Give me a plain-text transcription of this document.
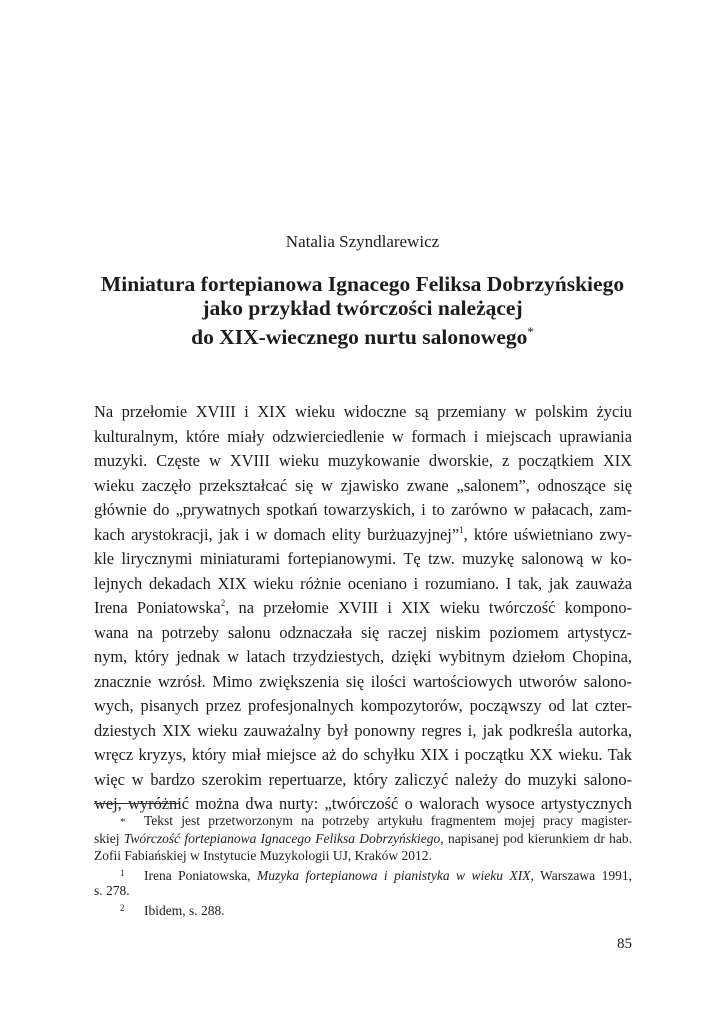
Natalia Szyndlarewicz
Miniatura fortepianowa Ignacego Feliksa Dobrzyńskiego
jako przykład twórczości należącej
do XIX-wiecznego nurtu salonowego*
Na przełomie XVIII i XIX wieku widoczne są przemiany w polskim życiu
kulturalnym, które miały odzwierciedlenie w formach i miejscach uprawiania
muzyki. Częste w XVIII wieku muzykowanie dworskie, z początkiem XIX
wieku zaczęło przekształcać się w zjawisko zwane „salonem”, odnoszące się
głównie do „prywatnych spotkań towarzyskich, i to zarówno w pałacach, zam-
kach arystokracji, jak i w domach elity burżuazyjnej”$^1$, które uświetniano zwy-
kle lirycznymi miniaturami fortepianowymi. Tę tzw. muzykę salonową w ko-
lejnych dekadach XIX wieku różnie oceniano i rozumiano. I tak, jak zauważa
Irena Poniatowska$^2$, na przełomie XVIII i XIX wieku twórczość kompono-
wana na potrzeby salonu odznaczała się raczej niskim poziomem artystycz-
nym, który jednak w latach trzydziestych, dzięki wybitnym dziełom Chopina,
znacznie wzrósł. Mimo zwiększenia się ilości wartościowych utworów salono-
wych, pisanych przez profesjonalnych kompozytorów, począwszy od lat czter-
dziestych XIX wieku zauważalny był ponowny regres i, jak podkreśla autorka,
wręcz kryzys, który miał miejsce aż do schyłku XIX i początku XX wieku. Tak
więc w bardzo szerokim repertuarze, który zaliczyć należy do muzyki salono-
wej, wyróżnić można dwa nurty: „twórczość o walorach wysoce artystycznych
* Tekst jest przetworzonym na potrzeby artykułu fragmentem mojej pracy magister-
skiej Twórczość fortepianowa Ignacego Feliksa Dobrzyńskiego, napisanej pod kierunkiem dr hab.
Zofii Fabiańskiej w Instytucie Muzykologii UJ, Kraków 2012.
1 Irena Poniatowska, Muzyka fortepianowa i pianistyka w wieku XIX, Warszawa 1991,
s. 278.
2 Ibidem, s. 288.
85
